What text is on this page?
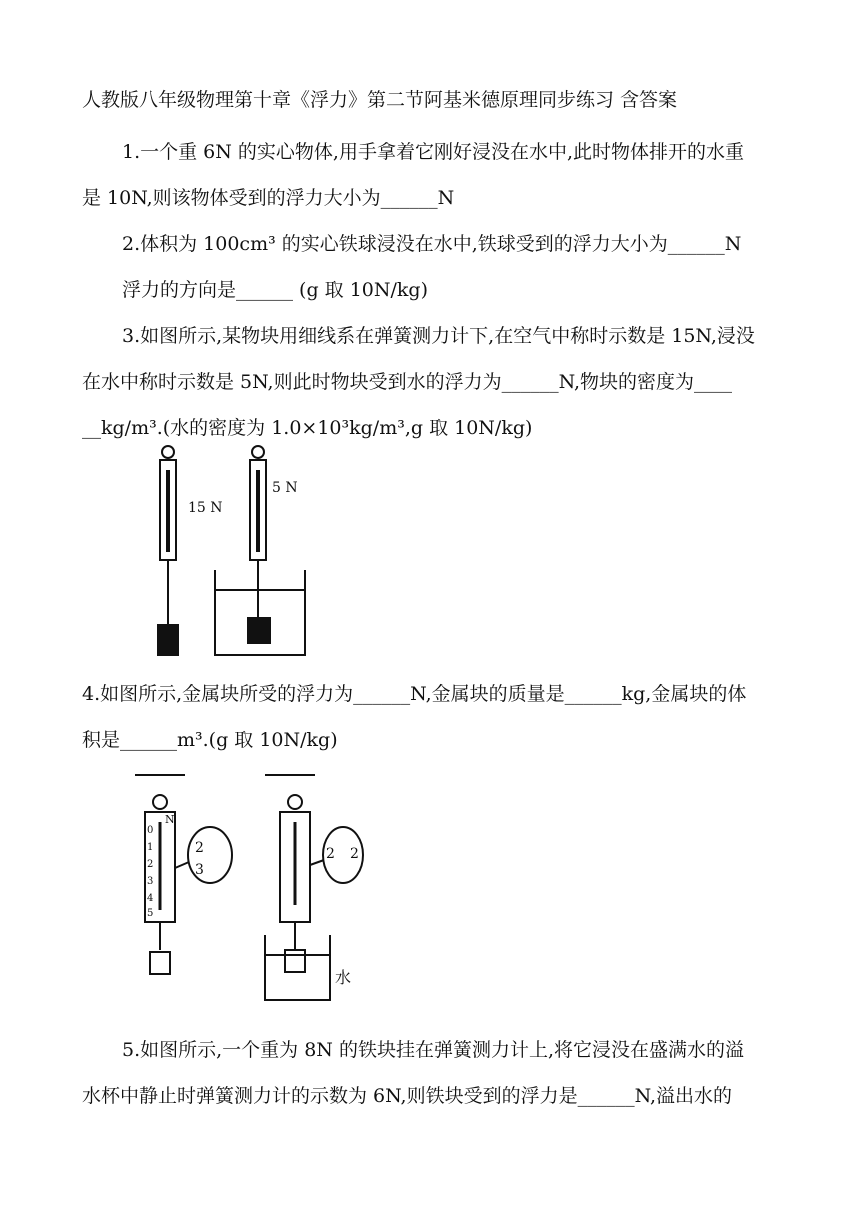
人教版八年级物理第十章《浮力》第二节阿基米德原理同步练习 含答案
1.一个重 6N 的实心物体,用手拿着它刚好浸没在水中,此时物体排开的水重
是 10N,则该物体受到的浮力大小为______N
2.体积为 100cm³ 的实心铁球浸没在水中,铁球受到的浮力大小为______N
浮力的方向是______ (g 取 10N/kg)
3.如图所示,某物块用细线系在弹簧测力计下,在空气中称时示数是 15N,浸没
在水中称时示数是 5N,则此时物块受到水的浮力为______N,物块的密度为____
__kg/m³.(水的密度为 1.0×10³kg/m³,g 取 10N/kg)
15 N
5 N
4.如图所示,金属块所受的浮力为______N,金属块的质量是______kg,金属块的体
积是______m³.(g 取 10N/kg)
N
0
1
2
3
4
5
2
3
2 2
水
5.如图所示,一个重为 8N 的铁块挂在弹簧测力计上,将它浸没在盛满水的溢
水杯中静止时弹簧测力计的示数为 6N,则铁块受到的浮力是______N,溢出水的
